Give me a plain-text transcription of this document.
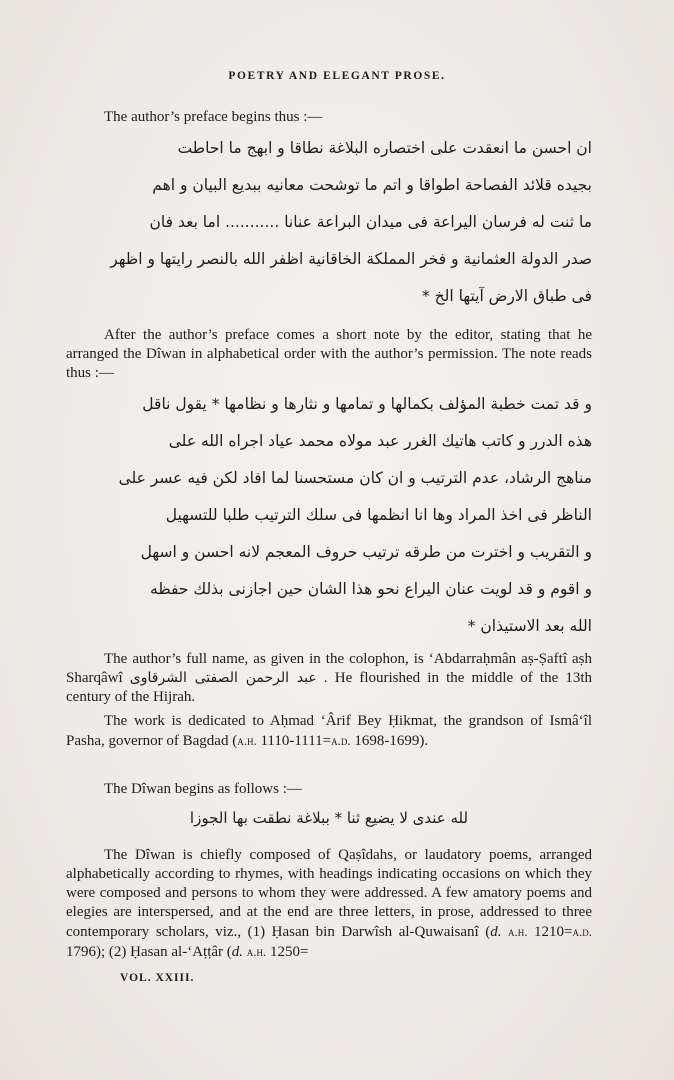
POETRY AND ELEGANT PROSE.

The author’s preface begins thus :—

ان احسن ما انعقدت على اختصاره البلاغة نطاقا و ابهج ما احاطت

بجيده قلائد الفصاحة اطواقا و اتم ما توشحت معانيه ببديع البيان و اهم

ما ثنت له فرسان اليراعة فى ميدان البراعة عنانا ........... اما بعد فان

صدر الدولة العثمانية و فخر المملكة الخاقانية اظفر الله بالنصر رايتها و اظهر

فى طباق الارض آيتها الخ *

After the author’s preface comes a short note by the editor, stating that he arranged the Dîwan in alphabetical order with the author’s permission. The note reads thus :—

و قد تمت خطبة المؤلف بكمالها و تمامها و نثارها و نظامها * يقول ناقل

هذه الدرر و كاتب هاتيك الغرر عبد مولاه محمد عياد اجراه الله على

مناهج الرشاد، عدم الترتيب و ان كان مستحسنا لما افاد لكن فيه عسر على

الناظر فى اخذ المراد وها انا انظمها فى سلك الترتيب طلبا للتسهيل

و التقريب و اخترت من طرقه ترتيب حروف المعجم لانه احسن و اسهل

و اقوم و قد لويت عنان اليراع نحو هذا الشان حين اجازنى بذلك حفظه

الله بعد الاستيذان *

The author’s full name, as given in the colophon, is ‘Abdarraḥmân aṣ-Ṣaftî aṣh Sharqâwî عبد الرحمن الصفتى الشرقاوى . He flourished in the middle of the 13th century of the Hijrah.

The work is dedicated to Aḥmad ‘Ârif Bey Ḥikmat, the grandson of Ismâ‘îl Pasha, governor of Bagdad (a.h. 1110-1111=a.d. 1698-1699).

The Dîwan begins as follows :—

لله عندى لا يضيع ثنا * ببلاغة نطقت بها الجوزا

The Dîwan is chiefly composed of Qaṣîdahs, or laudatory poems, arranged alphabetically according to rhymes, with headings indicating occasions on which they were composed and persons to whom they were addressed. A few amatory poems and elegies are interspersed, and at the end are three letters, in prose, addressed to three contemporary scholars, viz., (1) Ḥasan bin Darwîsh al-Quwaisanî (d. a.h. 1210=a.d. 1796); (2) Ḥasan al-‘Aṭṭâr (d. a.h. 1250=

VOL. XXIII.
